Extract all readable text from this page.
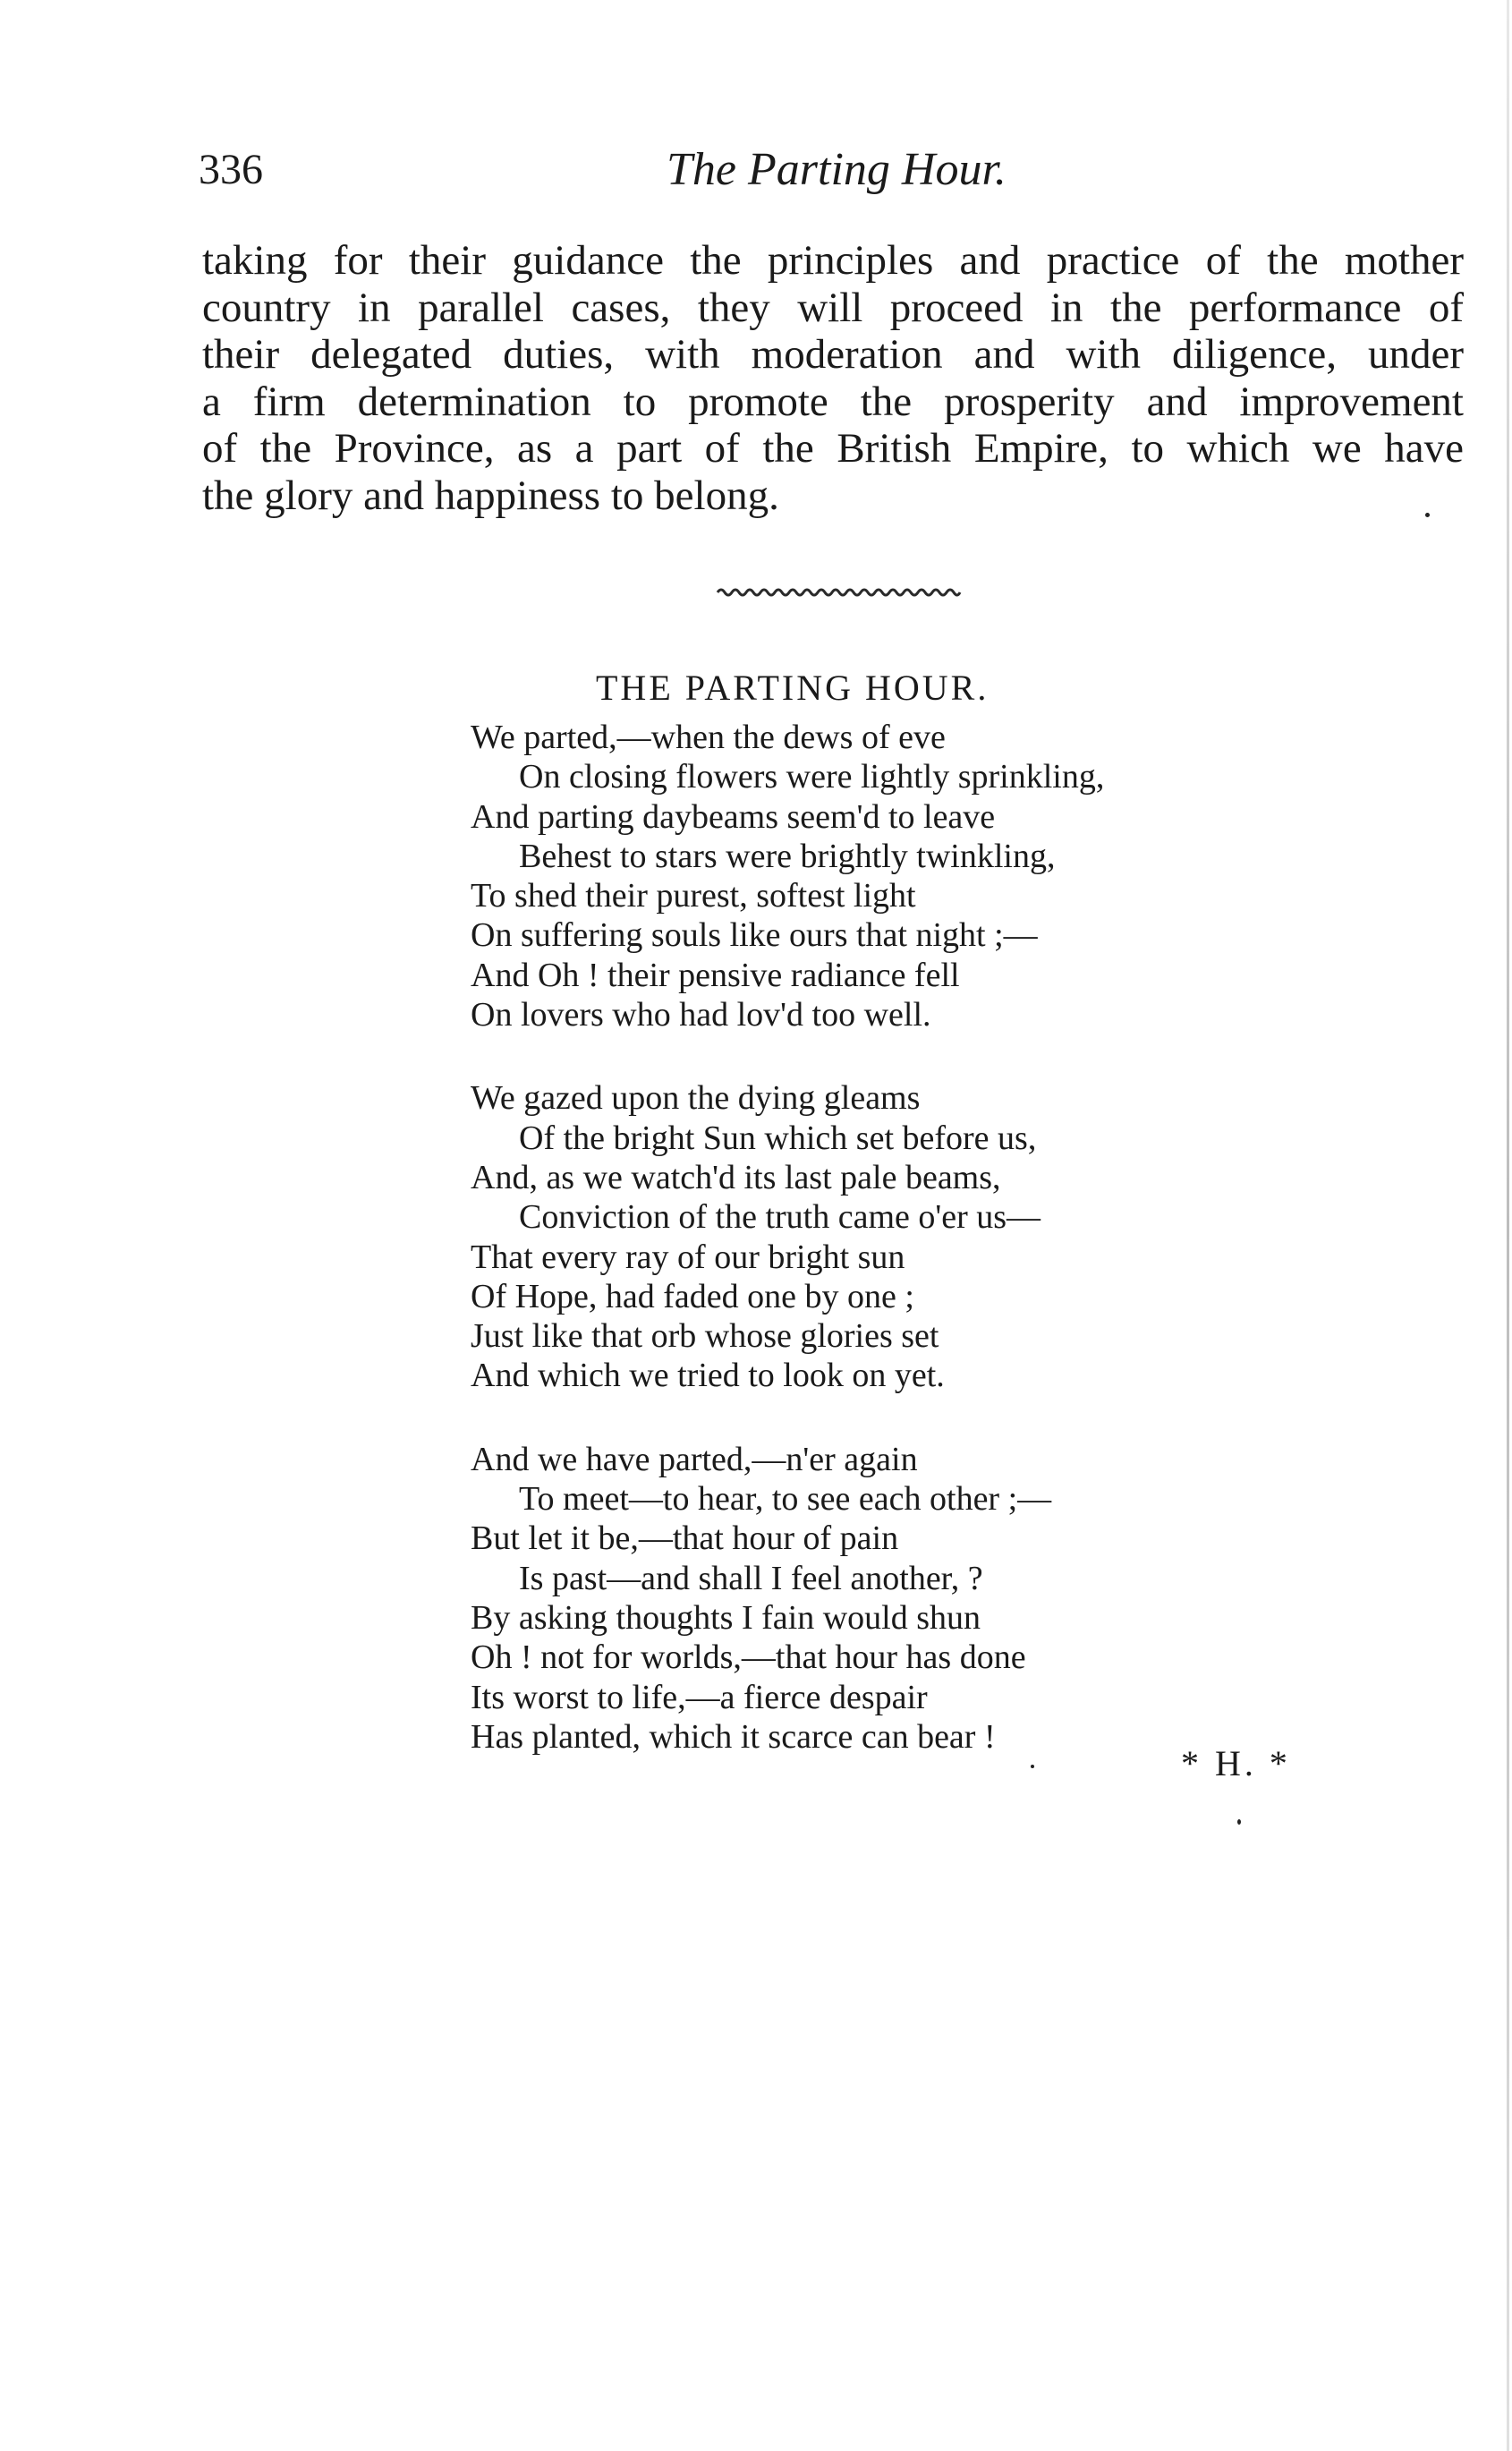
336	The Parting Hour.
taking for their guidance the principles and practice of the mother
country in parallel cases, they will proceed in the performance of
their delegated duties, with moderation and with diligence, under
a firm determination to promote the prosperity and improvement
of the Province, as a part of the British Empire, to which we have
the glory and happiness to belong.
THE PARTING HOUR.
We parted,—when the dews of eve
On closing flowers were lightly sprinkling,
And parting daybeams seem'd to leave
Behest to stars were brightly twinkling,
To shed their purest, softest light
On suffering souls like ours that night ;—
And Oh ! their pensive radiance fell
On lovers who had lov'd too well.
We gazed upon the dying gleams
Of the bright Sun which set before us,
And, as we watch'd its last pale beams,
Conviction of the truth came o'er us—
That every ray of our bright sun
Of Hope, had faded one by one ;
Just like that orb whose glories set
And which we tried to look on yet.
And we have parted,—n'er again
To meet—to hear, to see each other ;—
But let it be,—that hour of pain
Is past—and shall I feel another, ?
By asking thoughts I fain would shun
Oh ! not for worlds,—that hour has done
Its worst to life,—a fierce despair
Has planted, which it scarce can bear !
* H. *
